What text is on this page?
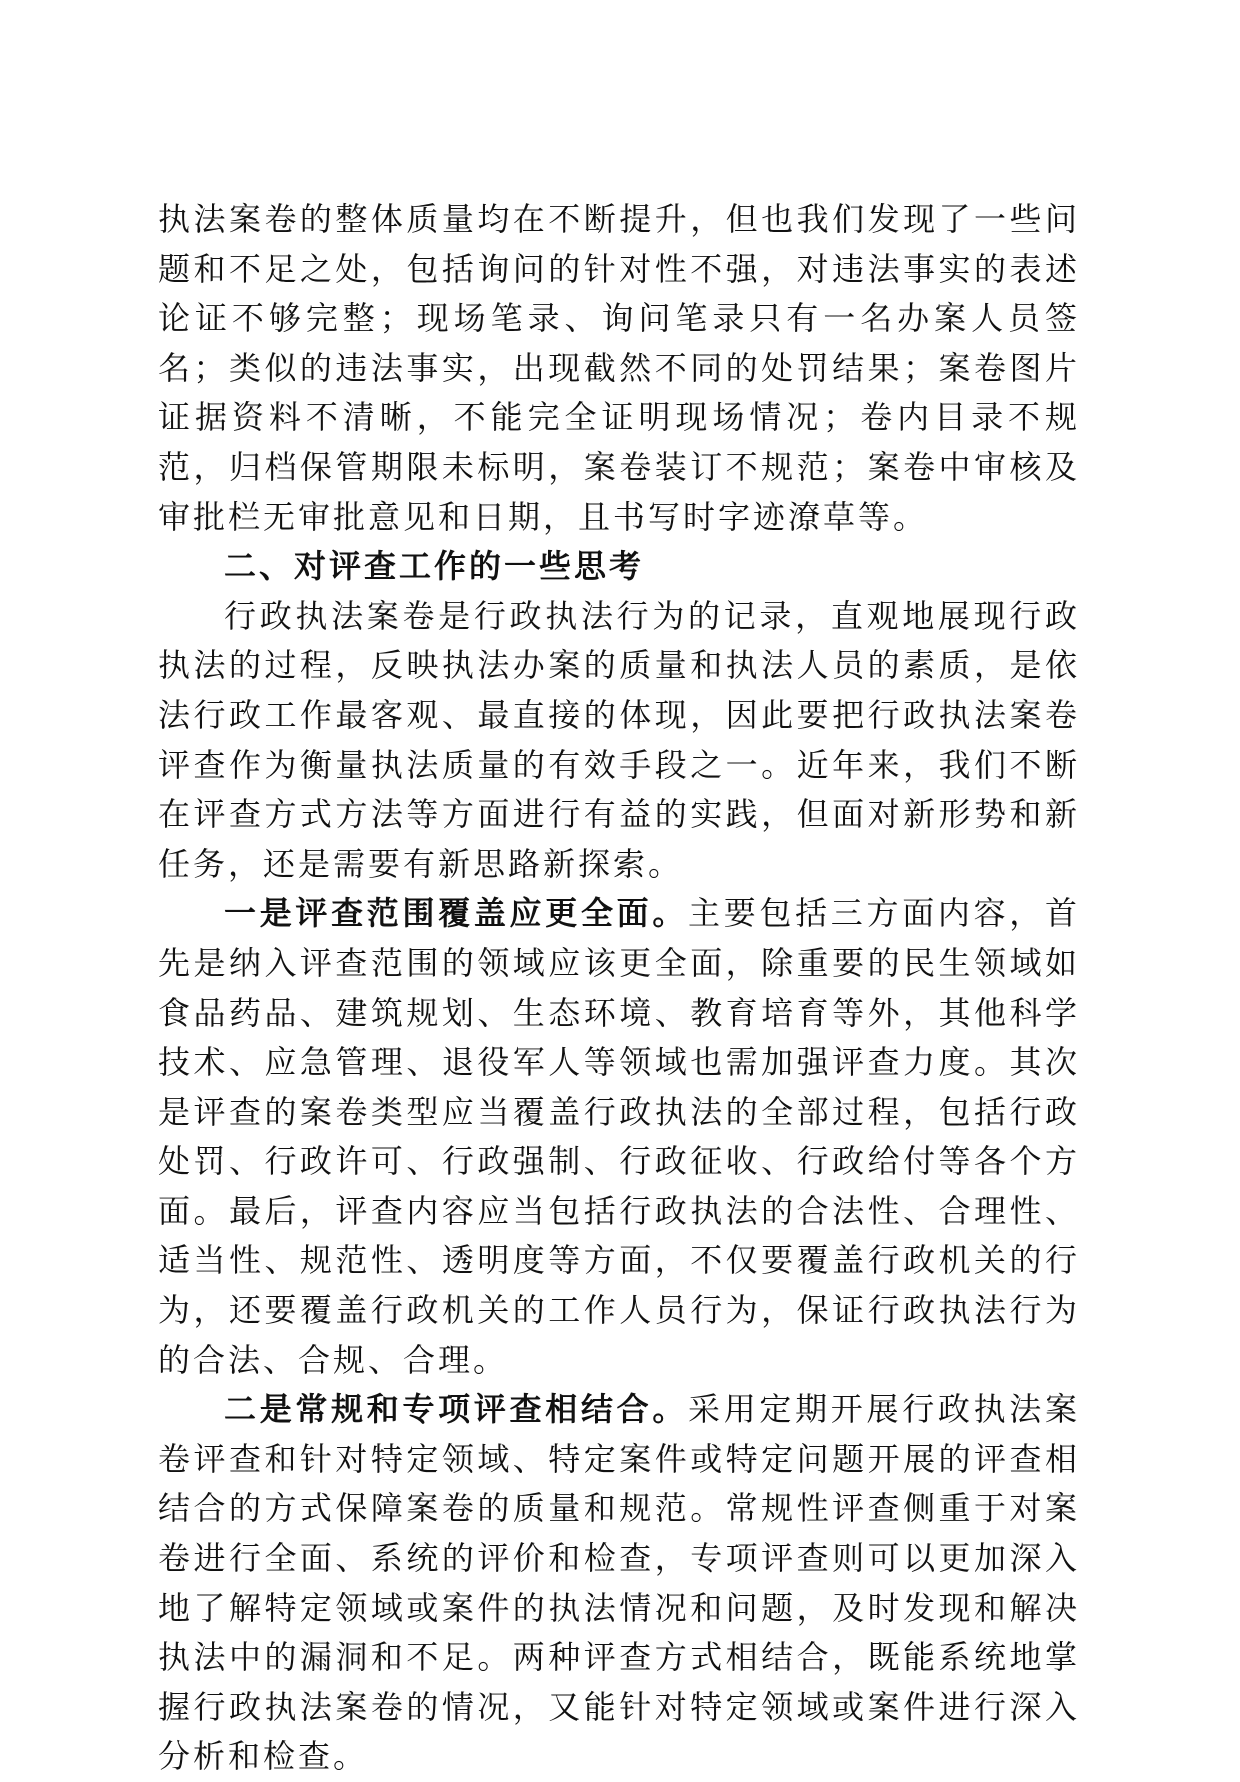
执法案卷的整体质量均在不断提升，但也我们发现了一些问题和不足之处，包括询问的针对性不强，对违法事实的表述论证不够完整；现场笔录、询问笔录只有一名办案人员签名；类似的违法事实，出现截然不同的处罚结果；案卷图片证据资料不清晰，不能完全证明现场情况；卷内目录不规范，归档保管期限未标明，案卷装订不规范；案卷中审核及审批栏无审批意见和日期，且书写时字迹潦草等。

二、对评查工作的一些思考

行政执法案卷是行政执法行为的记录，直观地展现行政执法的过程，反映执法办案的质量和执法人员的素质，是依法行政工作最客观、最直接的体现，因此要把行政执法案卷评查作为衡量执法质量的有效手段之一。近年来，我们不断在评查方式方法等方面进行有益的实践，但面对新形势和新任务，还是需要有新思路新探索。

一是评查范围覆盖应更全面。主要包括三方面内容，首先是纳入评查范围的领域应该更全面，除重要的民生领域如食品药品、建筑规划、生态环境、教育培育等外，其他科学技术、应急管理、退役军人等领域也需加强评查力度。其次是评查的案卷类型应当覆盖行政执法的全部过程，包括行政处罚、行政许可、行政强制、行政征收、行政给付等各个方面。最后，评查内容应当包括行政执法的合法性、合理性、适当性、规范性、透明度等方面，不仅要覆盖行政机关的行为，还要覆盖行政机关的工作人员行为，保证行政执法行为的合法、合规、合理。

二是常规和专项评查相结合。采用定期开展行政执法案卷评查和针对特定领域、特定案件或特定问题开展的评查相结合的方式保障案卷的质量和规范。常规性评查侧重于对案卷进行全面、系统的评价和检查，专项评查则可以更加深入地了解特定领域或案件的执法情况和问题，及时发现和解决执法中的漏洞和不足。两种评查方式相结合，既能系统地掌握行政执法案卷的情况，又能针对特定领域或案件进行深入分析和检查。
